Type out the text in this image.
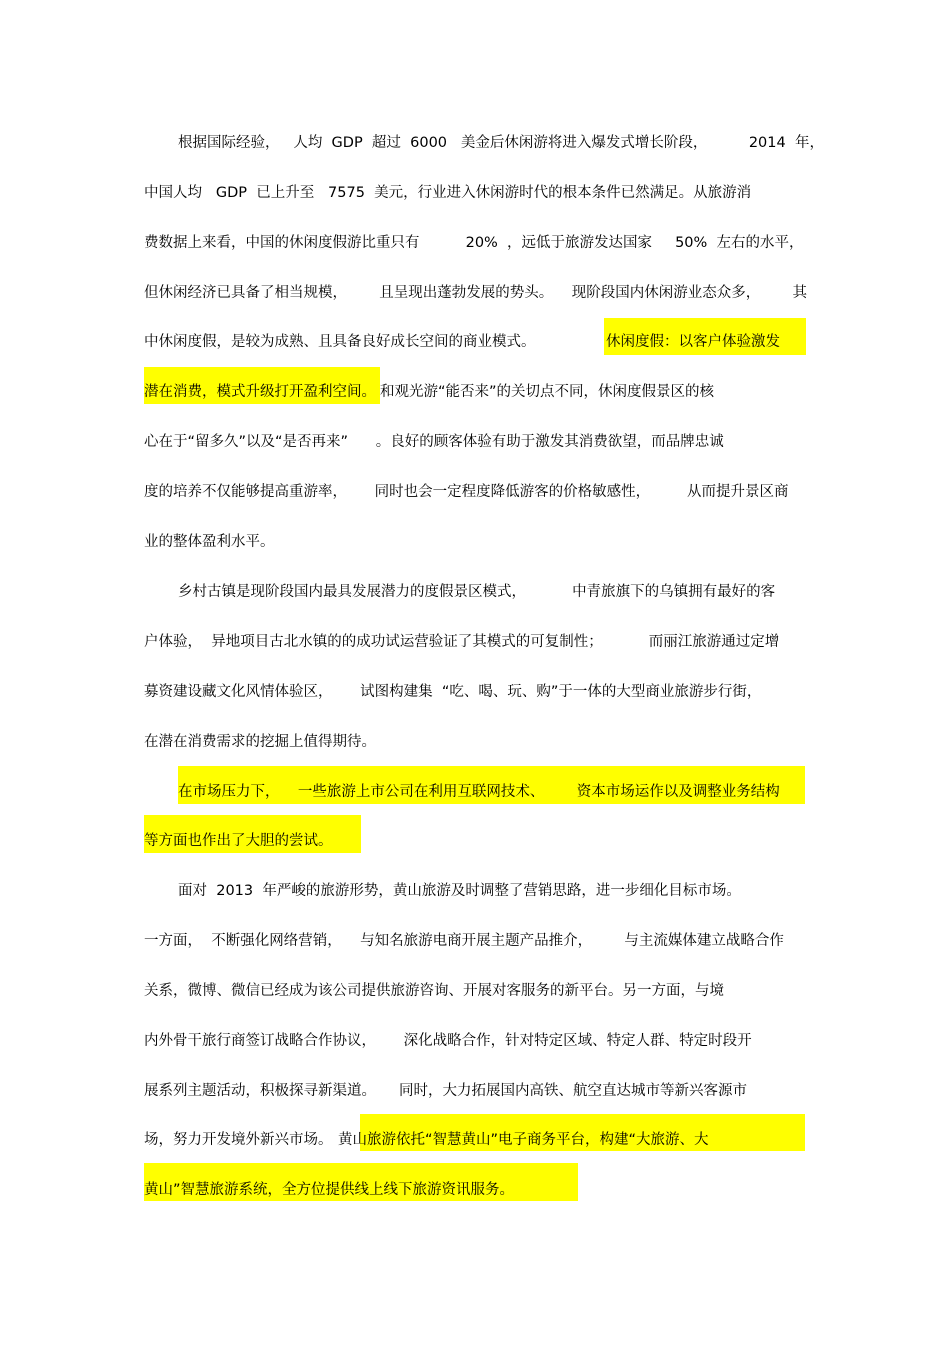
根据国际经验，   人均  GDP  超过  6000   美金后休闲游将进入爆发式增长阶段，         2014  年，
中国人均   GDP  已上升至   7575  美元，行业进入休闲游时代的根本条件已然满足。从旅游消
费数据上来看，中国的休闲度假游比重只有          20%  ，远低于旅游发达国家     50%  左右的水平，
但休闲经济已具备了相当规模，       且呈现出蓬勃发展的势头。    现阶段国内休闲游业态众多，       其
中休闲度假，是较为成熟、且具备良好成长空间的商业模式。	休闲度假：以客户体验激发
潜在消费，模式升级打开盈利空间。 和观光游“能否来”的关切点不同，休闲度假景区的核
心在于“留多久”以及“是否再来”      。良好的顾客体验有助于激发其消费欲望，而品牌忠诚
度的培养不仅能够提高重游率，      同时也会一定程度降低游客的价格敏感性，        从而提升景区商
业的整体盈利水平。
乡村古镇是现阶段国内最具发展潜力的度假景区模式，          中青旅旗下的乌镇拥有最好的客
户体验，  异地项目古北水镇的的成功试运营验证了其模式的可复制性；          而丽江旅游通过定增
募资建设藏文化风情体验区，      试图构建集  “吃、喝、玩、购”于一体的大型商业旅游步行街，
在潜在消费需求的挖掘上值得期待。
在市场压力下，    一些旅游上市公司在利用互联网技术、       资本市场运作以及调整业务结构
等方面也作出了大胆的尝试。
面对  2013  年严峻的旅游形势，黄山旅游及时调整了营销思路，进一步细化目标市场。
一方面，  不断强化网络营销，    与知名旅游电商开展主题产品推介，       与主流媒体建立战略合作
关系，微博、微信已经成为该公司提供旅游咨询、开展对客服务的新平台。另一方面，与境
内外骨干旅行商签订战略合作协议，      深化战略合作，针对特定区域、特定人群、特定时段开
展系列主题活动，积极探寻新渠道。     同时，大力拓展国内高铁、航空直达城市等新兴客源市
场，努力开发境外新兴市场。 黄山旅游依托“智慧黄山”电子商务平台，构建“大旅游、大
黄山”智慧旅游系统，全方位提供线上线下旅游资讯服务。
